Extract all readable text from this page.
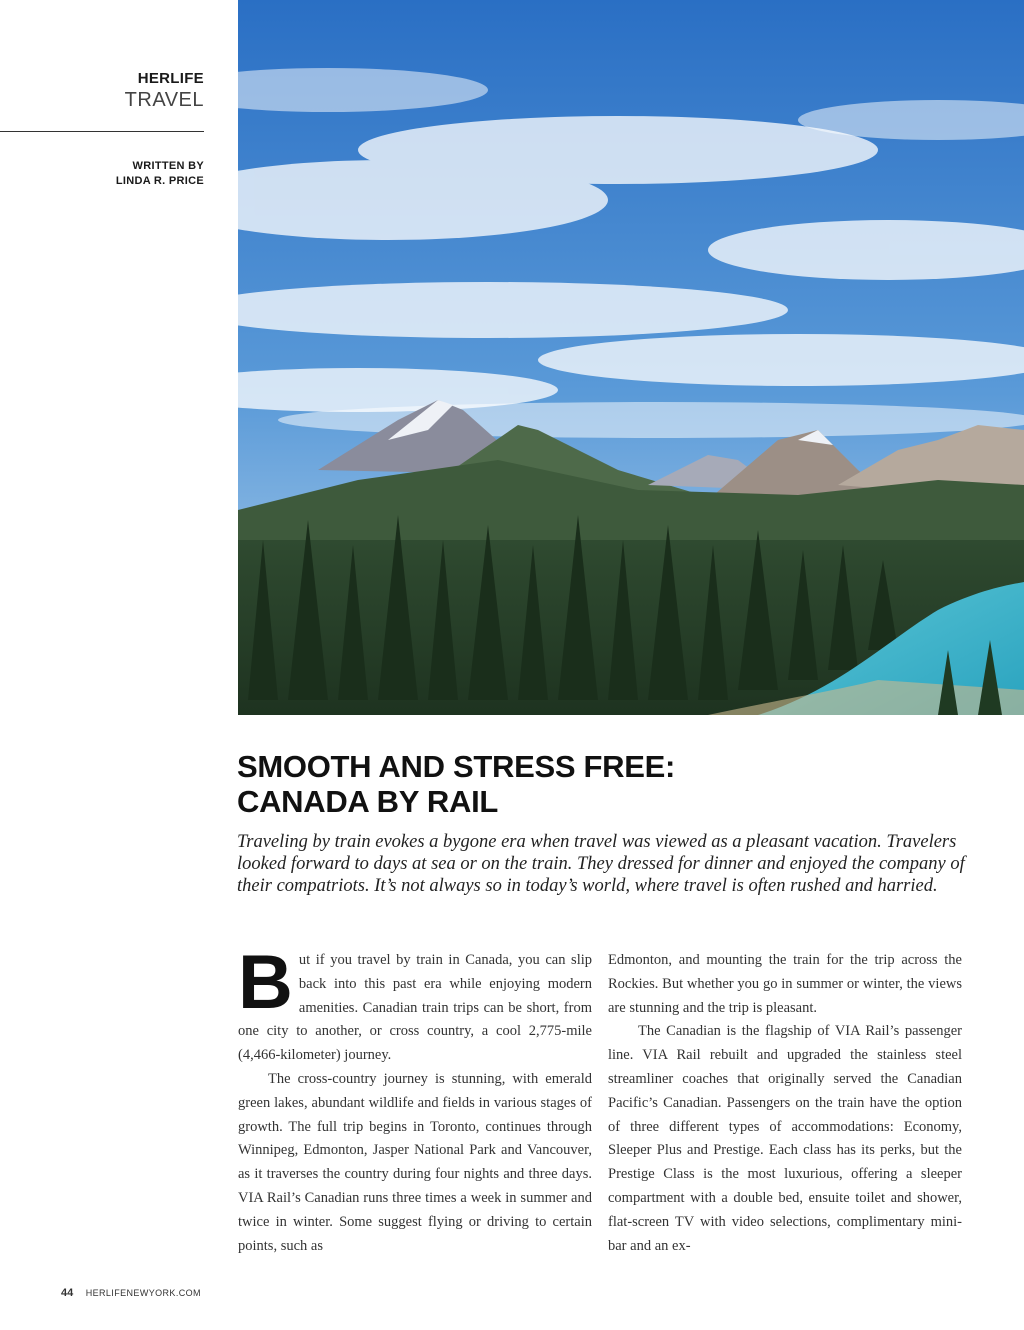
HERLIFE
TRAVEL
WRITTEN BY
LINDA R. PRICE
SMOOTH AND STRESS FREE:
CANADA BY RAIL
Traveling by train evokes a bygone era when travel was viewed as a pleasant vacation. Travelers looked forward to days at sea or on the train. They dressed for dinner and enjoyed the company of their compatriots. It’s not always so in today’s world, where travel is often rushed and harried.

But if you travel by train in Canada, you can slip back into this past era while enjoying modern amenities. Canadian train trips can be short, from one city to another, or cross country, a cool 2,775-mile (4,466-kilometer) journey.

The cross-country journey is stunning, with emerald green lakes, abundant wildlife and fields in various stages of growth. The full trip begins in Toronto, continues through Winnipeg, Edmonton, Jasper National Park and Vancouver, as it traverses the country during four nights and three days. VIA Rail’s Canadian runs three times a week in summer and twice in winter. Some suggest flying or driving to certain points, such as

Edmonton, and mounting the train for the trip across the Rockies. But whether you go in summer or winter, the views are stunning and the trip is pleasant.

The Canadian is the flagship of VIA Rail’s passenger line. VIA Rail rebuilt and upgraded the stainless steel streamliner coaches that originally served the Canadian Pacific’s Canadian. Passengers on the train have the option of three different types of accommodations: Economy, Sleeper Plus and Prestige. Each class has its perks, but the Prestige Class is the most luxurious, offering a sleeper compartment with a double bed, ensuite toilet and shower, flat-screen TV with video selections, complimentary mini-bar and an ex-

44 HERLIFENEWYORK.COM
